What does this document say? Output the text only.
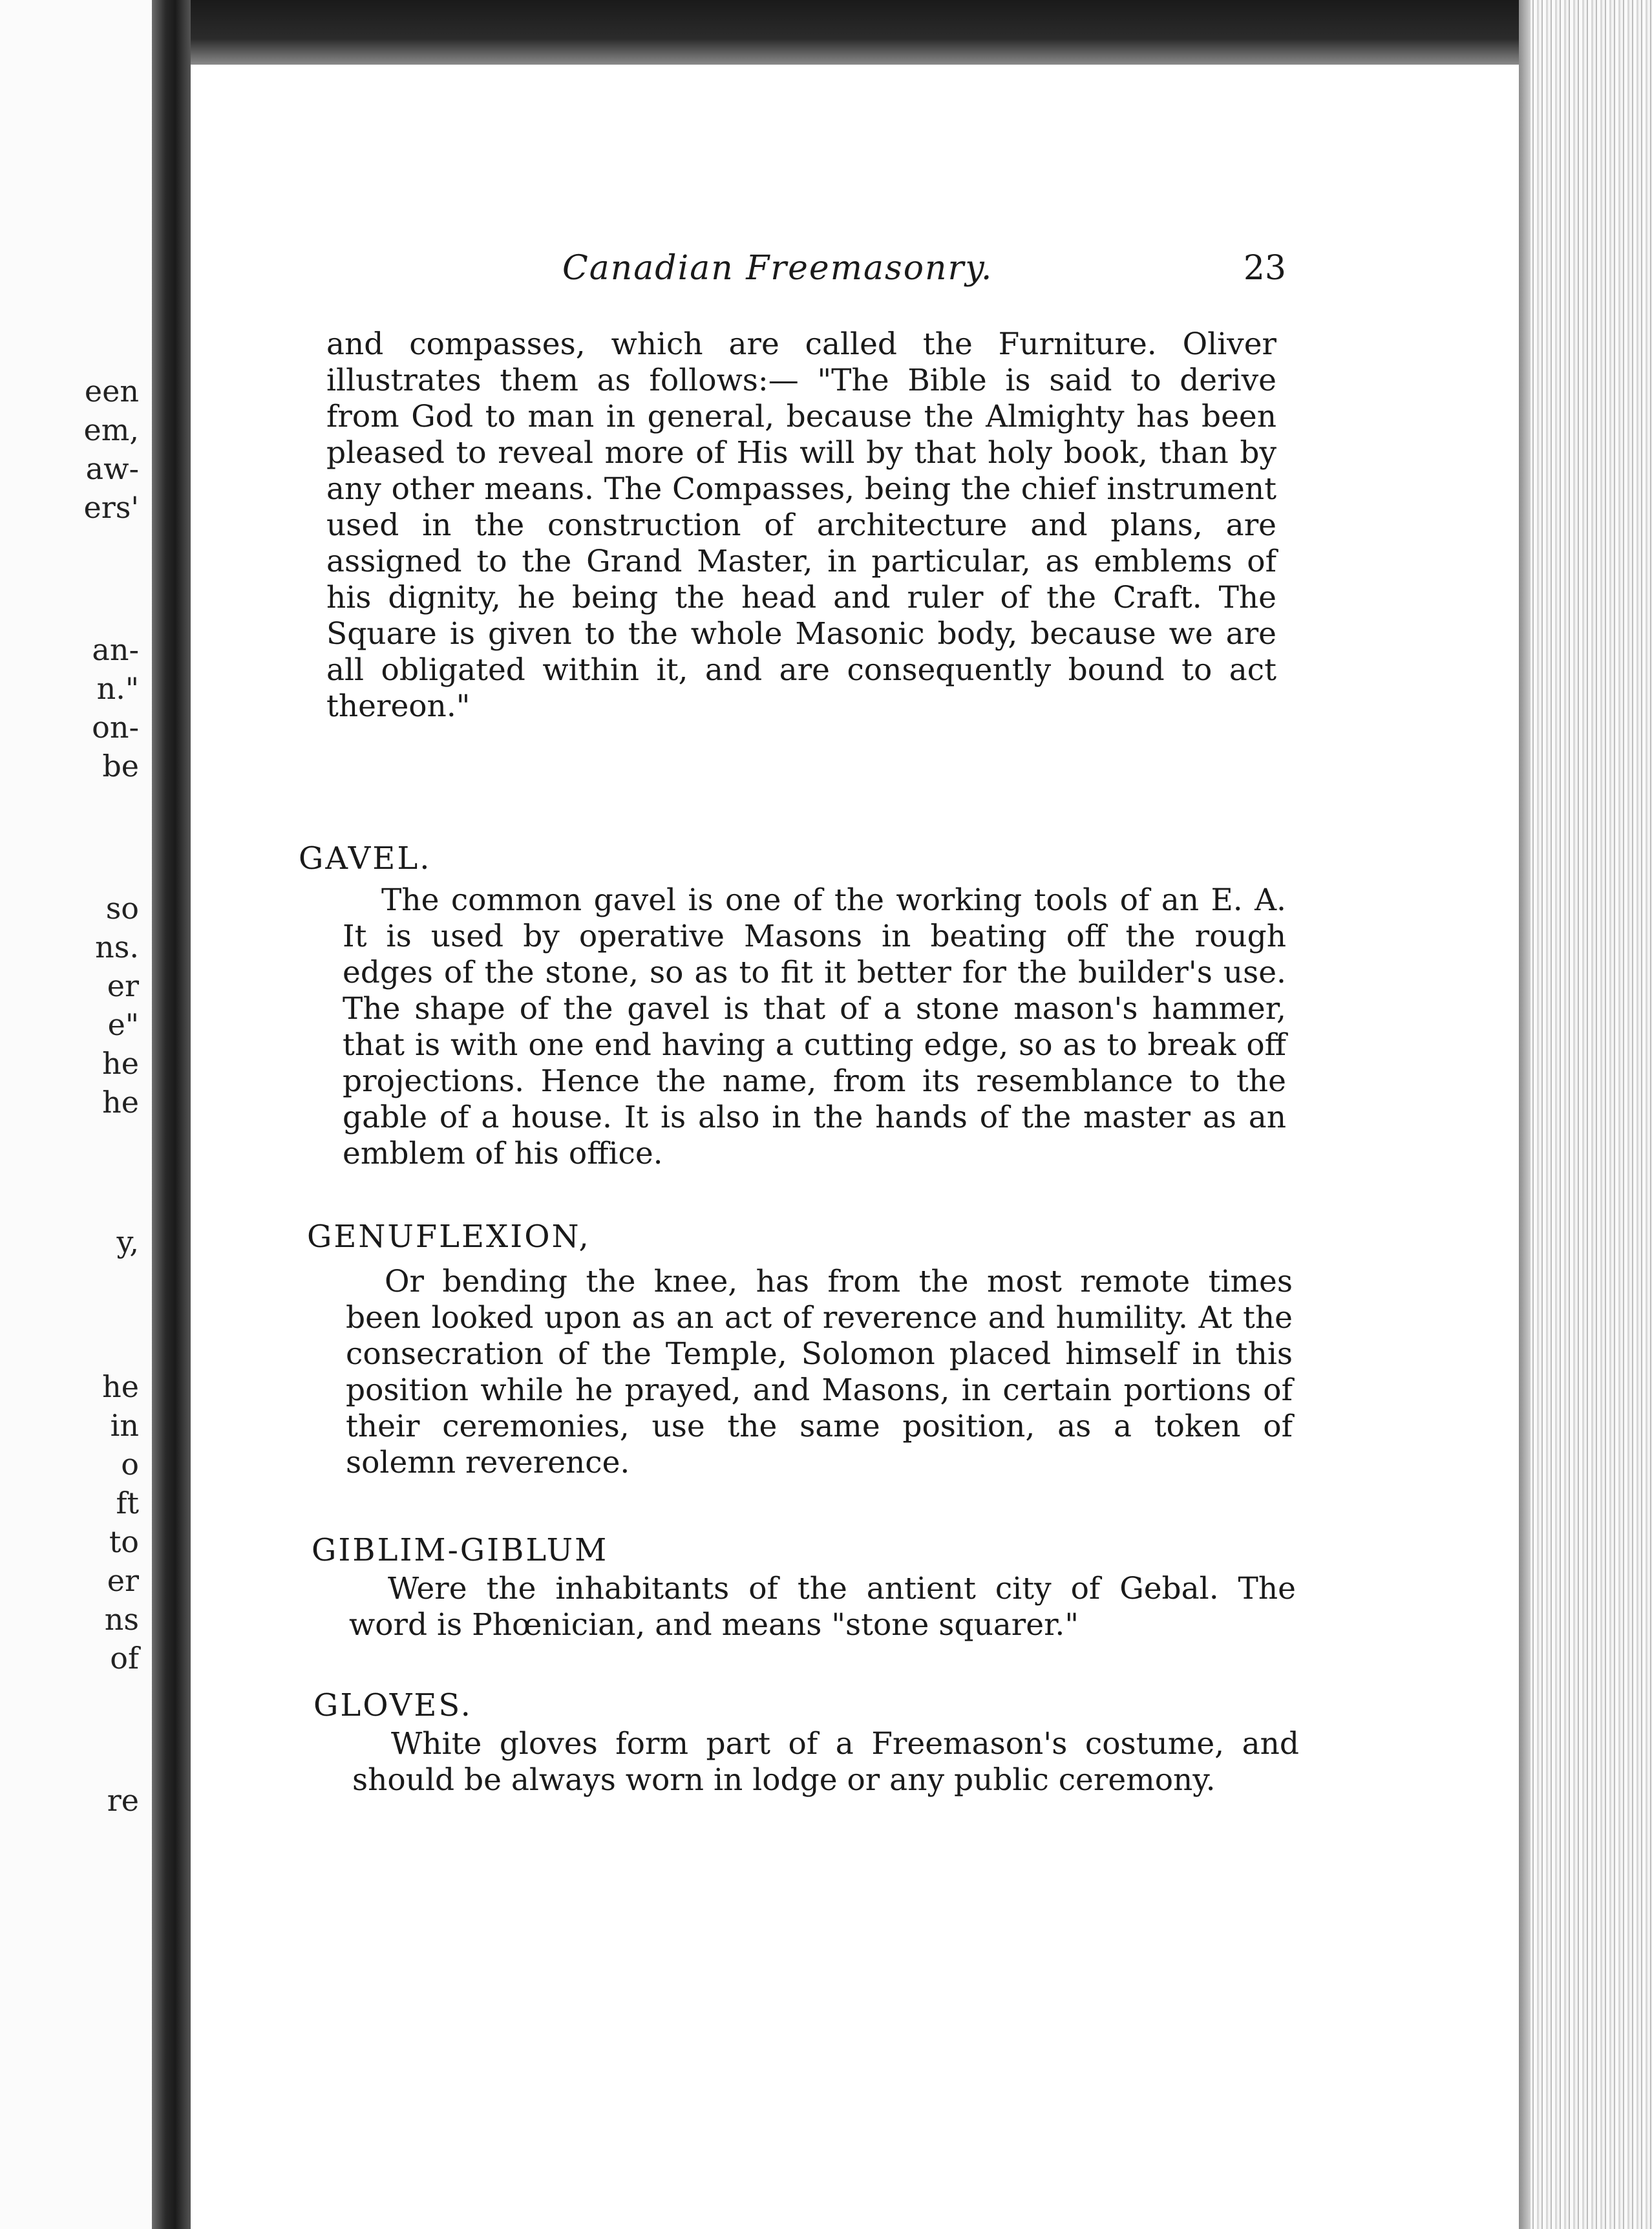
een
em,
aw-
ers'
an-
n."
on-
be
so
ns.
er
e"
he
he
y,
he
in
o
ft
to
er
ns
of
re
Canadian Freemasonry.	23

and compasses, which are called the Furniture. Oliver illustrates them as follows:— "The Bible is said to derive from God to man in general, because the Almighty has been pleased to reveal more of His will by that holy book, than by any other means. The Compasses, being the chief instrument used in the construction of architecture and plans, are assigned to the Grand Master, in particular, as emblems of his dignity, he being the head and ruler of the Craft. The Square is given to the whole Masonic body, because we are all obligated within it, and are consequently bound to act thereon."

GAVEL.

The common gavel is one of the working tools of an E. A. It is used by operative Masons in beating off the rough edges of the stone, so as to fit it better for the builder's use. The shape of the gavel is that of a stone mason's hammer, that is with one end having a cutting edge, so as to break off projections. Hence the name, from its resemblance to the gable of a house. It is also in the hands of the master as an emblem of his office.

GENUFLEXION,

Or bending the knee, has from the most remote times been looked upon as an act of reverence and humility. At the consecration of the Temple, Solomon placed himself in this position while he prayed, and Masons, in certain portions of their ceremonies, use the same position, as a token of solemn reverence.

GIBLIM-GIBLUM

Were the inhabitants of the antient city of Gebal. The word is Phœnician, and means "stone squarer."

GLOVES.

White gloves form part of a Freemason's costume, and should be always worn in lodge or any public ceremony.
